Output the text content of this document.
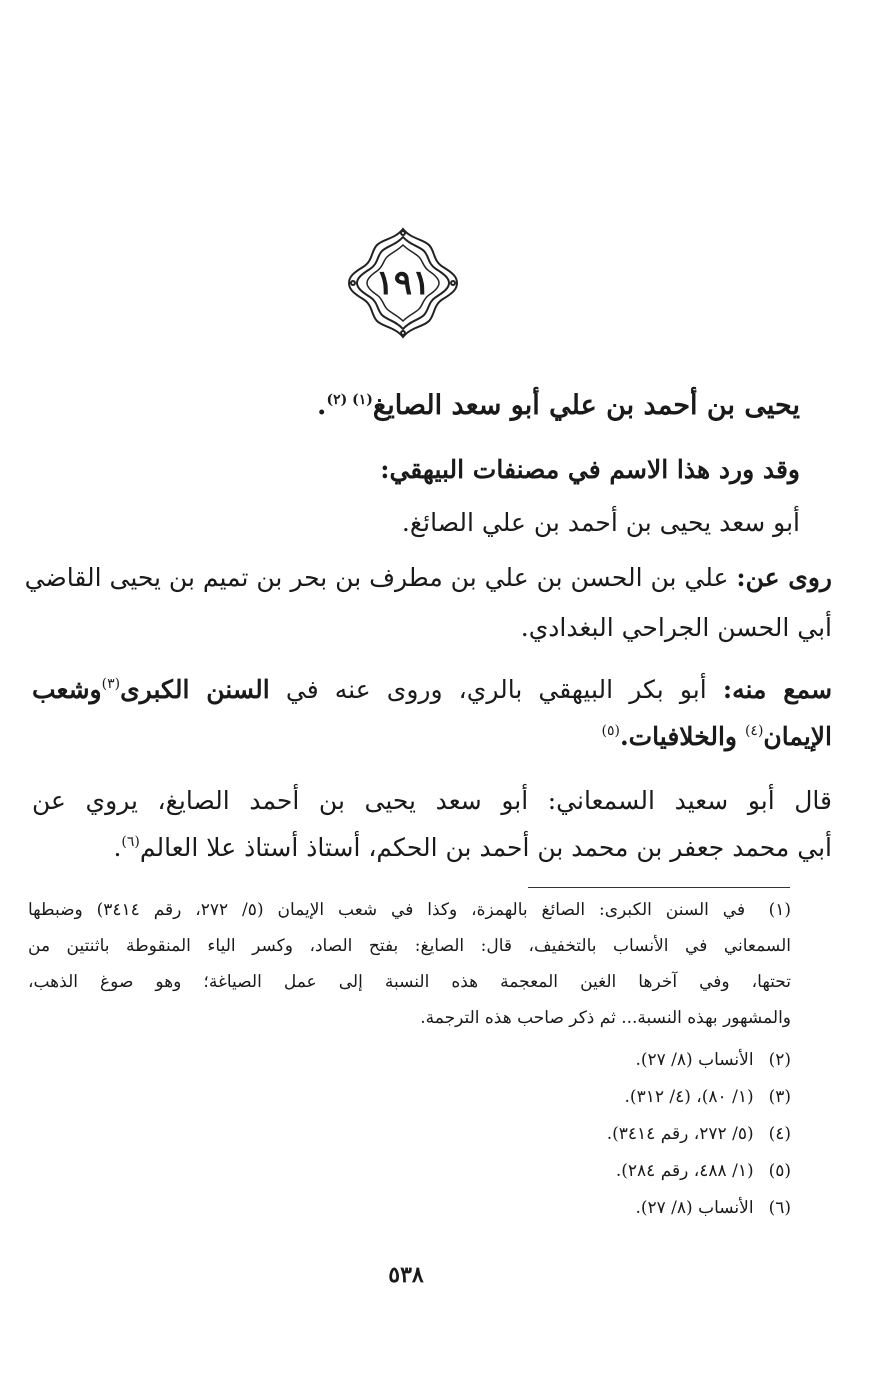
١٩١
يحيى بن أحمد بن علي أبو سعد الصايغ$^{(١) (٢)}$.
وقد ورد هذا الاسم في مصنفات البيهقي:
أبو سعد يحيى بن أحمد بن علي الصائغ.
روى عن: علي بن الحسن بن علي بن مطرف بن بحر بن تميم بن يحيى القاضي
أبي الحسن الجراحي البغدادي.
سمع منه: أبو بكر البيهقي بالري، وروى عنه في السنن الكبرى$^{(٣)}$وشعب
الإيمان$^{(٤)}$ والخلافيات.$^{(٥)}$
قال أبو سعيد السمعاني: أبو سعد يحيى بن أحمد الصايغ، يروي عن
أبي محمد جعفر بن محمد بن أحمد بن الحكم، أستاذ أستاذ علا العالم$^{(٦)}$.
(١) في السنن الكبرى: الصائغ بالهمزة، وكذا في شعب الإيمان (٥/ ٢٧٢، رقم ٣٤١٤) وضبطها
السمعاني في الأنساب بالتخفيف، قال: الصايغ: بفتح الصاد، وكسر الياء المنقوطة باثنتين من
تحتها، وفي آخرها الغين المعجمة هذه النسبة إلى عمل الصياغة؛ وهو صوغ الذهب،
والمشهور بهذه النسبة... ثم ذكر صاحب هذه الترجمة.
(٢) الأنساب (٨/ ٢٧).
(٣) (١/ ٨٠)، (٤/ ٣١٢).
(٤) (٥/ ٢٧٢، رقم ٣٤١٤).
(٥) (١/ ٤٨٨، رقم ٢٨٤).
(٦) الأنساب (٨/ ٢٧).
٥٣٨
